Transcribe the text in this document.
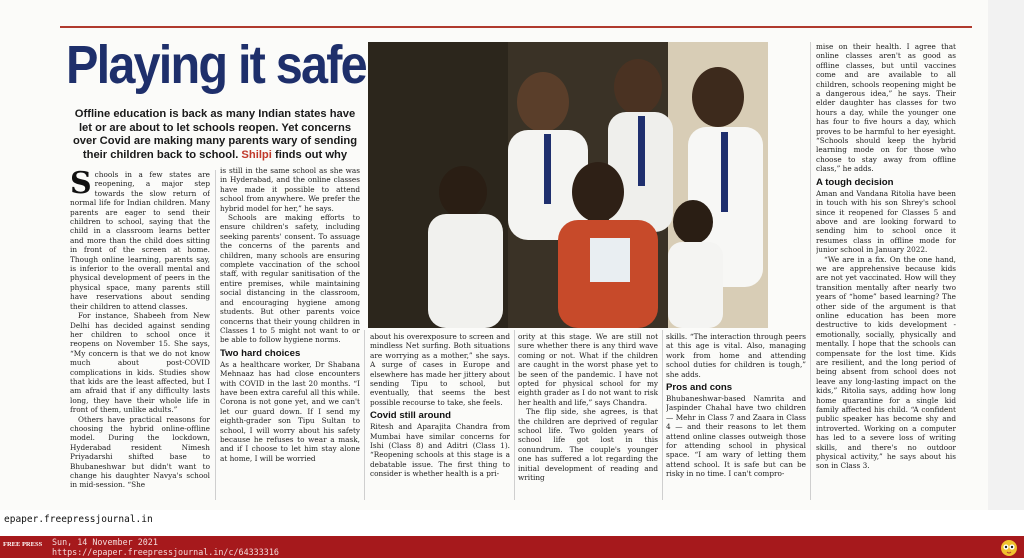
Playing it safe
Offline education is back as many Indian states have let or are about to let schools reopen. Yet concerns over Covid are making many parents wary of sending their children back to school. Shilpi finds out why
S chools in a few states are reopening, a major step towards the slow return of normal life for Indian children. Many parents are eager to send their children to school, saying that the child in a classroom learns better and more than the child does sitting in front of the screen at home. Though online learning, parents say, is inferior to the overall mental and physical development of peers in the physical space, many parents still have reservations about sending their children to attend classes.

For instance, Shabeeh from New Delhi has decided against sending her children to school once it reopens on November 15. She says, “My concern is that we do not know much about post-COVID complications in kids. Studies show that kids are the least affected, but I am afraid that if any difficulty lasts long, they have their whole life in front of them, unlike adults.”

Others have practical reasons for choosing the hybrid online-offline model. During the lockdown, Hyderabad resident Nimesh Priyadarshi shifted base to Bhubaneshwar but didn't want to change his daughter Navya's school in mid-session. “She

is still in the same school as she was in Hyderabad, and the online classes have made it possible to attend school from anywhere. We prefer the hybrid model for her,” he says.

Schools are making efforts to ensure children's safety, including seeking parents' consent. To assuage the concerns of the parents and children, many schools are ensuring complete vaccination of the school staff, with regular sanitisation of the entire premises, while maintaining social distancing in the classroom, and encouraging hygiene among students. But other parents voice concerns that their young children in Classes 1 to 5 might not want to or be able to follow hygiene norms.

Two hard choices

As a healthcare worker, Dr Shabana Mehnaaz has had close encounters with COVID in the last 20 months. “I have been extra careful all this while. Corona is not gone yet, and we can't let our guard down. If I send my eighth-grader son Tipu Sultan to school, I will worry about his safety because he refuses to wear a mask, and if I choose to let him stay alone at home, I will be worried

about his overexposure to screen and mindless Net surfing. Both situations are worrying as a mother,” she says. A surge of cases in Europe and elsewhere has made her jittery about sending Tipu to school, but eventually, that seems the best possible recourse to take, she feels.

Covid still around

Ritesh and Aparajita Chandra from Mumbai have similar concerns for Ishi (Class 8) and Aditri (Class 1). “Reopening schools at this stage is a debatable issue. The first thing to consider is whether health is a pri-

ority at this stage. We are still not sure whether there is any third wave coming or not. What if the children are caught in the worst phase yet to be seen of the pandemic. I have not opted for physical school for my eighth grader as I do not want to risk her health and life,” says Chandra.

The flip side, she agrees, is that the children are deprived of regular school life. Two golden years of school life got lost in this conundrum. The couple's younger one has suffered a lot regarding the initial development of reading and writing

skills. “The interaction through peers at this age is vital. Also, managing work from home and attending school duties for children is tough,” she adds.

Pros and cons

Bhubaneshwar-based Namrita and Jaspinder Chahal have two children — Mehr in Class 7 and Zaara in Class 4 — and their reasons to let them attend online classes outweigh those for attending school in physical space. “I am wary of letting them attend school. It is safe but can be risky in no time. I can't compro-

mise on their health. I agree that online classes aren't as good as offline classes, but until vaccines come and are available to all children, schools reopening might be a dangerous idea,” he says. Their elder daughter has classes for two hours a day, while the younger one has four to five hours a day, which proves to be harmful to her eyesight. “Schools should keep the hybrid learning mode on for those who choose to stay away from offline class,” he adds.

A tough decision

Aman and Vandana Ritolia have been in touch with his son Shrey's school since it reopened for Classes 5 and above and are looking forward to sending him to school once it resumes class in offline mode for junior school in January 2022.

“We are in a fix. On the one hand, we are apprehensive because kids are not yet vaccinated. How will they transition mentally after nearly two years of “home” based learning? The other side of the argument is that online education has been more destructive to kids development - emotionally, socially, physically and mentally. I hope that the schools can compensate for the lost time. Kids are resilient, and the long period of being absent from school does not leave any long-lasting impact on the kids,” Ritolia says, adding how long home quarantine for a single kid family affected his child. “A confident public speaker has become shy and introverted. Working on a computer has led to a severe loss of writing skills, and there's no outdoor physical activity,” he says about his son in Class 3.

epaper.freepressjournal.in
FREE PRESS Sun, 14 November 2021
https://epaper.freepressjournal.in/c/64333316
